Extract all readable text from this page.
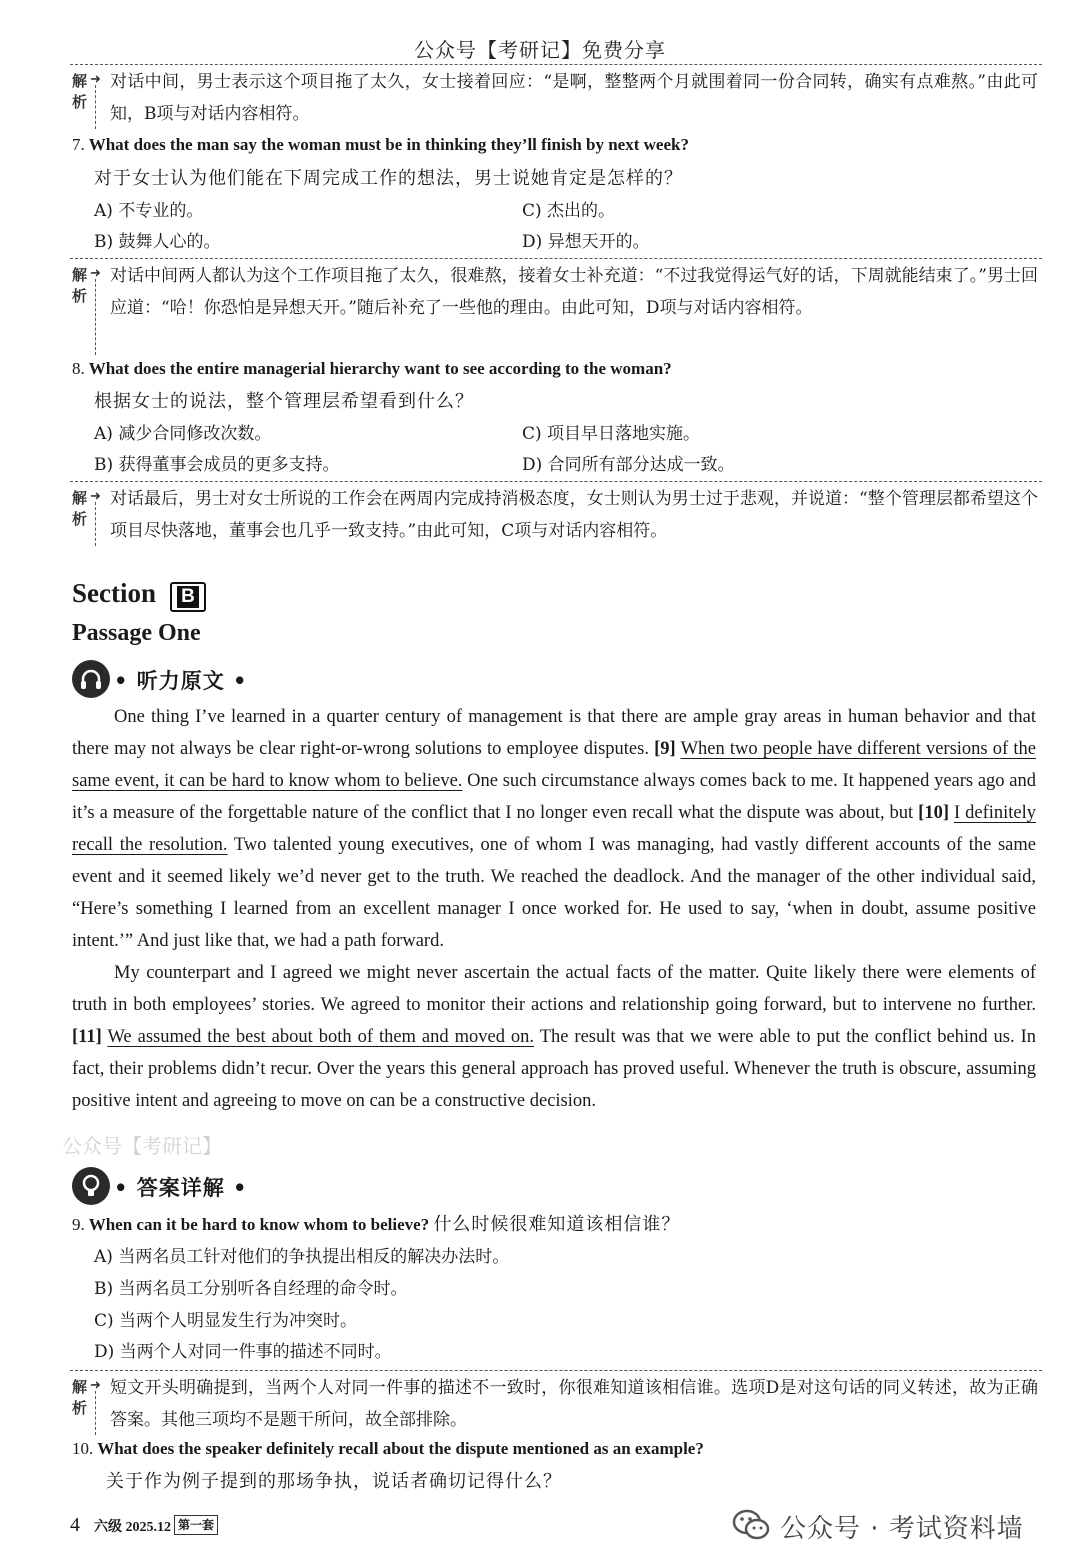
公众号【考研记】免费分享
解析
➜ 对话中间，男士表示这个项目拖了太久，女士接着回应：“是啊，整整两个月就围着同一份合同转，确实有点难熬。”由此可知，B项与对话内容相符。
7. What does the man say the woman must be in thinking they’ll finish by next week?
对于女士认为他们能在下周完成工作的想法，男士说她肯定是怎样的？
A) 不专业的。	C) 杰出的。
B) 鼓舞人心的。	D) 异想天开的。
解析
➜ 对话中间两人都认为这个工作项目拖了太久，很难熬，接着女士补充道：“不过我觉得运气好的话，下周就能结束了。”男士回应道：“哈！你恐怕是异想天开。”随后补充了一些他的理由。由此可知，D项与对话内容相符。
8. What does the entire managerial hierarchy want to see according to the woman?
根据女士的说法，整个管理层希望看到什么？
A) 减少合同修改次数。	C) 项目早日落地实施。
B) 获得董事会成员的更多支持。	D) 合同所有部分达成一致。
解析
➜ 对话最后，男士对女士所说的工作会在两周内完成持消极态度，女士则认为男士过于悲观，并说道：“整个管理层都希望这个项目尽快落地，董事会也几乎一致支持。”由此可知，C项与对话内容相符。
Section	B
Passage One
• 听力原文 •

One thing I’ve learned in a quarter century of management is that there are ample gray areas in human behavior and that there may not always be clear right-or-wrong solutions to employee disputes. [9] When two people have different versions of the same event, it can be hard to know whom to believe. One such circumstance always comes back to me. It happened years ago and it’s a measure of the forgettable nature of the conflict that I no longer even recall what the dispute was about, but [10] I definitely recall the resolution. Two talented young executives, one of whom I was managing, had vastly different accounts of the same event and it seemed likely we’d never get to the truth. We reached the deadlock. And the manager of the other individual said, “Here’s something I learned from an excellent manager I once worked for. He used to say, ‘when in doubt, assume positive intent.’” And just like that, we had a path forward.

My counterpart and I agreed we might never ascertain the actual facts of the matter. Quite likely there were elements of truth in both employees’ stories. We agreed to monitor their actions and relationship going forward, but to intervene no further. [11] We assumed the best about both of them and moved on. The result was that we were able to put the conflict behind us. In fact, their problems didn’t recur. Over the years this general approach has proved useful. Whenever the truth is obscure, assuming positive intent and agreeing to move on can be a constructive decision.

公众号【考研记】
• 答案详解 •
9. When can it be hard to know whom to believe? 什么时候很难知道该相信谁？
A) 当两名员工针对他们的争执提出相反的解决办法时。
B) 当两名员工分别听各自经理的命令时。
C) 当两个人明显发生行为冲突时。
D) 当两个人对同一件事的描述不同时。
解析
➜ 短文开头明确提到，当两个人对同一件事的描述不一致时，你很难知道该相信谁。选项D是对这句话的同义转述，故为正确答案。其他三项均不是题干所问，故全部排除。
10. What does the speaker definitely recall about the dispute mentioned as an example?
关于作为例子提到的那场争执，说话者确切记得什么？
4 六级 2025.12 第一套	公众号 · 考试资料墙
